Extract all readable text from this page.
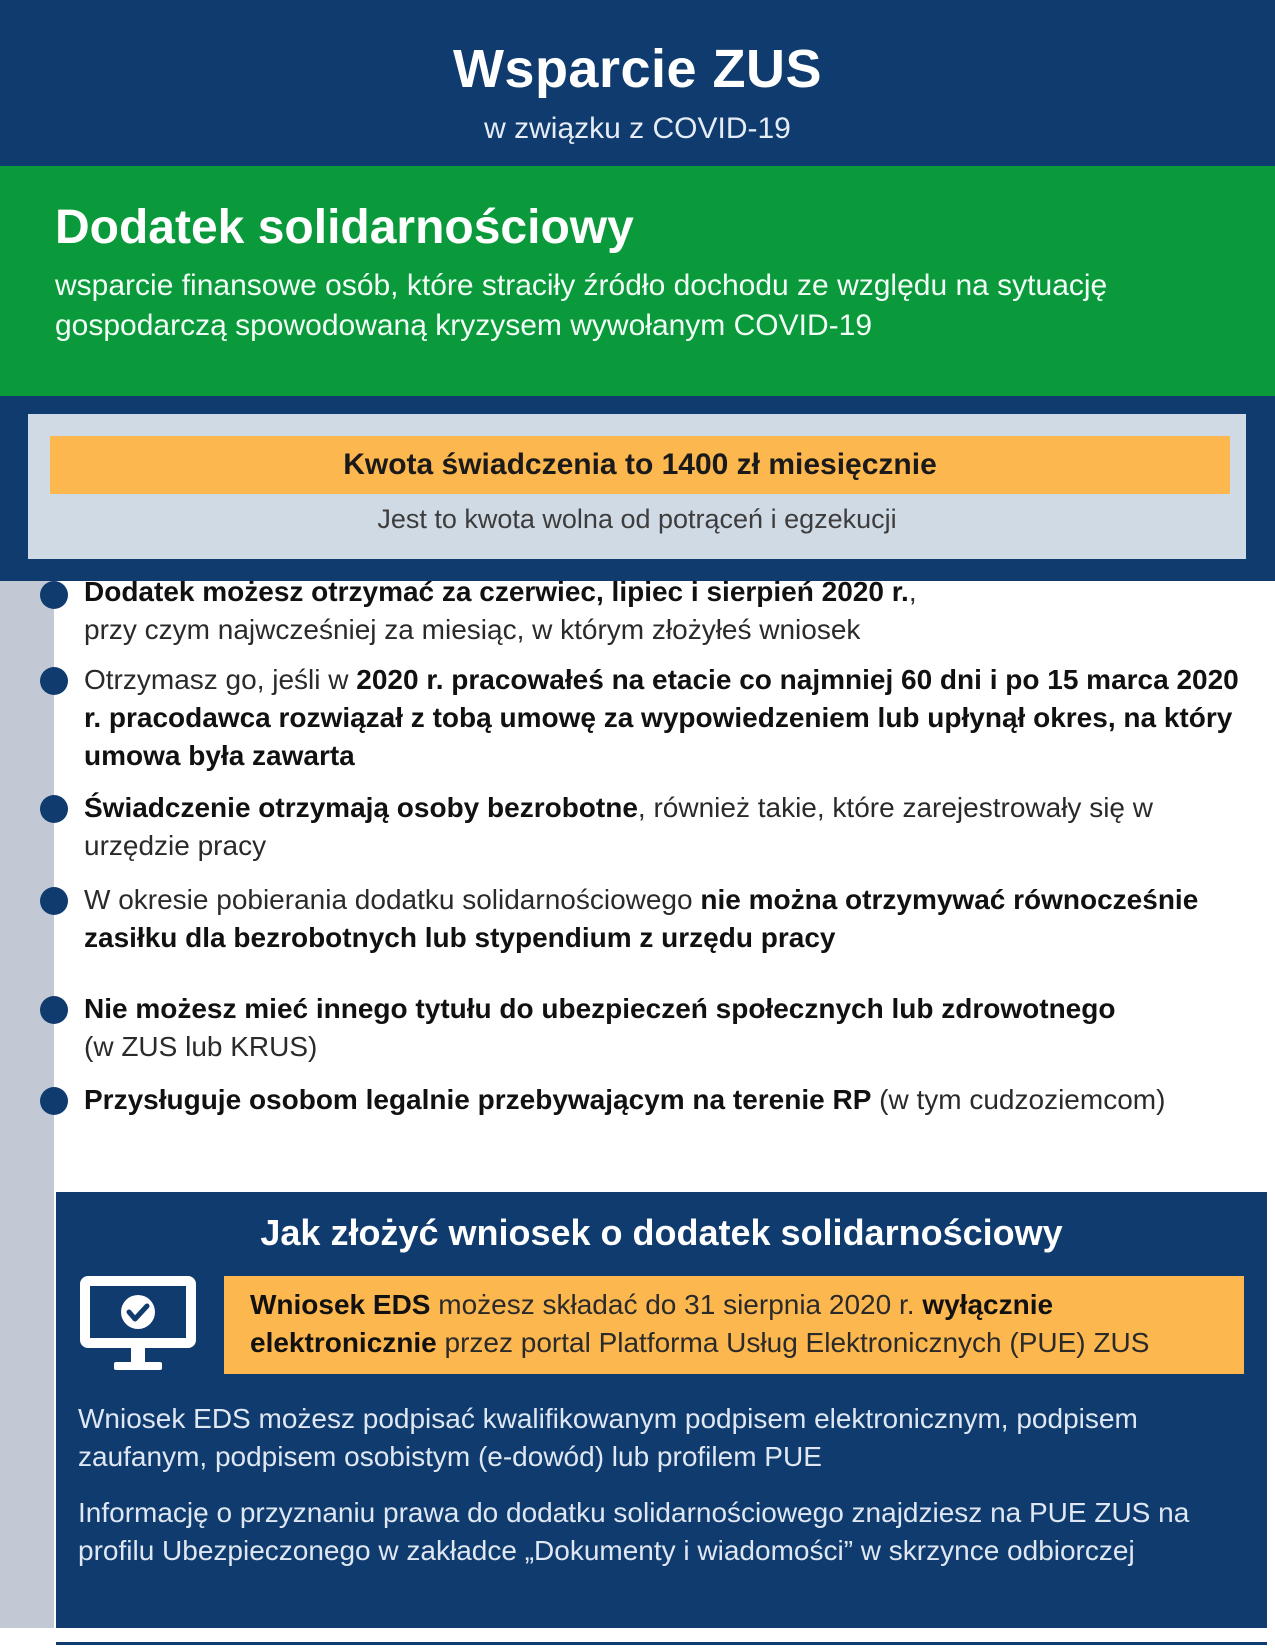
Wsparcie ZUS
w związku z COVID-19
Dodatek solidarnościowy
wsparcie finansowe osób, które straciły źródło dochodu ze względu na sytuację gospodarczą spowodowaną kryzysem wywołanym COVID-19
Kwota świadczenia to 1400 zł miesięcznie
Jest to kwota wolna od potrąceń i egzekucji
Dodatek możesz otrzymać za czerwiec, lipiec i sierpień 2020 r.,
przy czym najwcześniej za miesiąc, w którym złożyłeś wniosek
Otrzymasz go, jeśli w 2020 r. pracowałeś na etacie co najmniej 60 dni i po 15 marca 2020 r. pracodawca rozwiązał z tobą umowę za wypowiedzeniem lub upłynął okres, na który umowa była zawarta
Świadczenie otrzymają osoby bezrobotne, również takie, które zarejestrowały się w urzędzie pracy
W okresie pobierania dodatku solidarnościowego nie można otrzymywać równocześnie zasiłku dla bezrobotnych lub stypendium z urzędu pracy
Nie możesz mieć innego tytułu do ubezpieczeń społecznych lub zdrowotnego
(w ZUS lub KRUS)
Przysługuje osobom legalnie przebywającym na terenie RP (w tym cudzoziemcom)
Jak złożyć wniosek o dodatek solidarnościowy
Wniosek EDS możesz składać do 31 sierpnia 2020 r. wyłącznie elektronicznie przez portal Platforma Usług Elektronicznych (PUE) ZUS
Wniosek EDS możesz podpisać kwalifikowanym podpisem elektronicznym, podpisem zaufanym, podpisem osobistym (e-dowód) lub profilem PUE
Informację o przyznaniu prawa do dodatku solidarnościowego znajdziesz na PUE ZUS na profilu Ubezpieczonego w zakładce „Dokumenty i wiadomości” w skrzynce odbiorczej
